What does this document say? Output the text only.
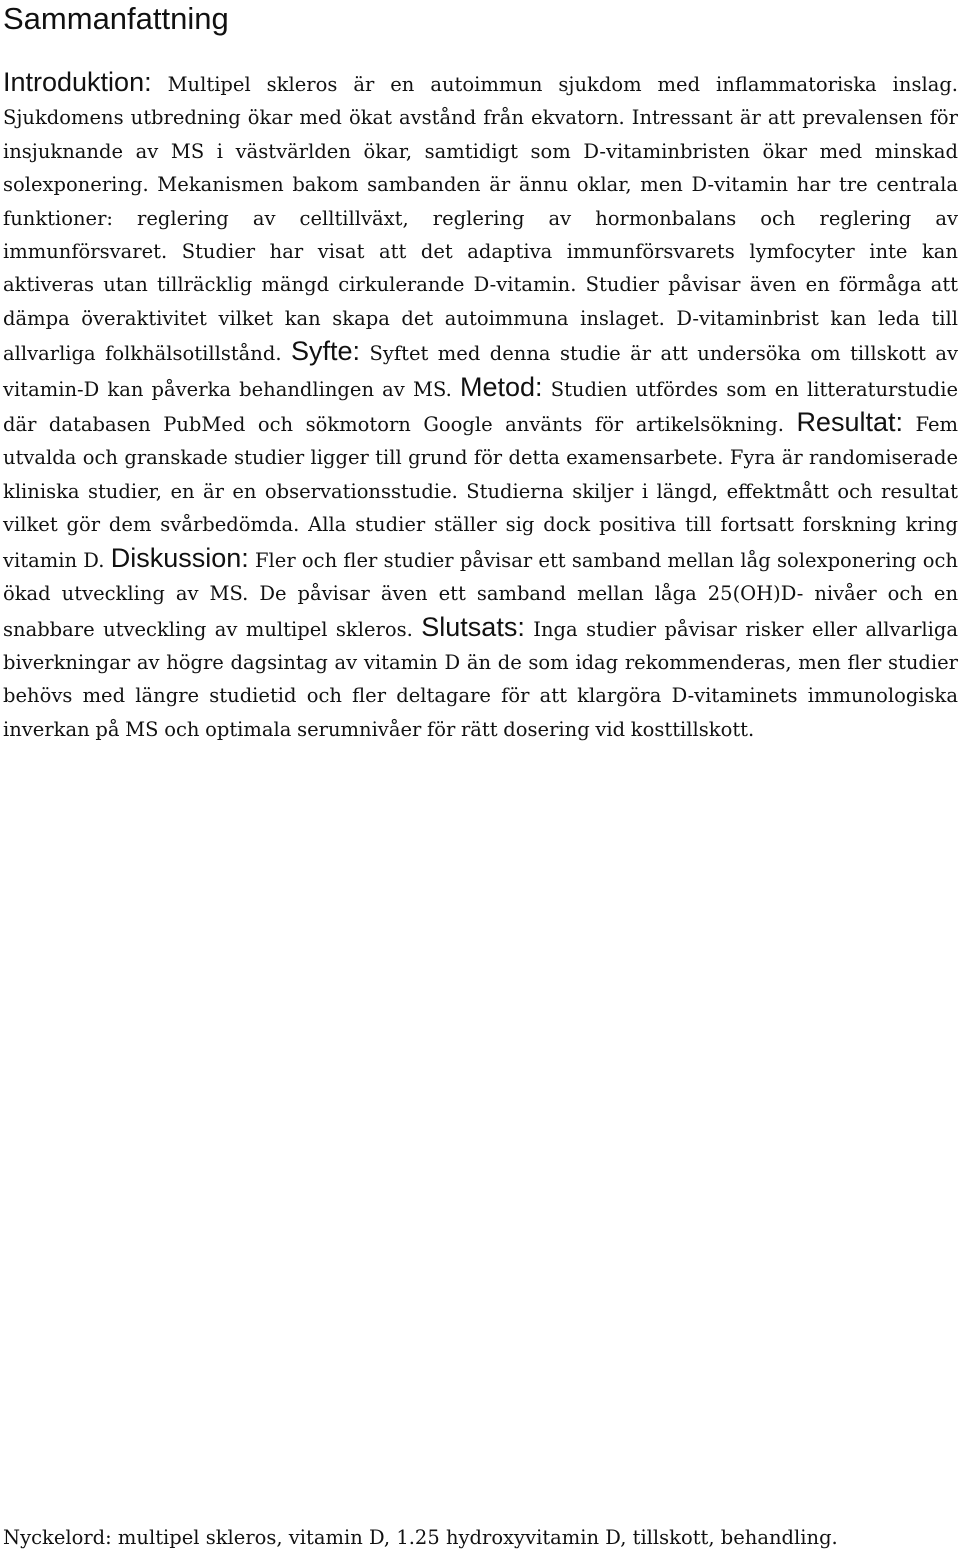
Sammanfattning

Introduktion: Multipel skleros är en autoimmun sjukdom med inflammatoriska inslag. Sjukdomens utbredning ökar med ökat avstånd från ekvatorn. Intressant är att prevalensen för insjuknande av MS i västvärlden ökar, samtidigt som D-vitaminbristen ökar med minskad solexponering. Mekanismen bakom sambanden är ännu oklar, men D-vitamin har tre centrala funktioner: reglering av celltillväxt, reglering av hormonbalans och reglering av immunförsvaret. Studier har visat att det adaptiva immunförsvarets lymfocyter inte kan aktiveras utan tillräcklig mängd cirkulerande D-vitamin. Studier påvisar även en förmåga att dämpa överaktivitet vilket kan skapa det autoimmuna inslaget. D-vitaminbrist kan leda till allvarliga folkhälsotillstånd. Syfte: Syftet med denna studie är att undersöka om tillskott av vitamin-D kan påverka behandlingen av MS. Metod: Studien utfördes som en litteraturstudie där databasen PubMed och sökmotorn Google använts för artikelsökning. Resultat: Fem utvalda och granskade studier ligger till grund för detta examensarbete. Fyra är randomiserade kliniska studier, en är en observationsstudie. Studierna skiljer i längd, effektmått och resultat vilket gör dem svårbedömda. Alla studier ställer sig dock positiva till fortsatt forskning kring vitamin D. Diskussion: Fler och fler studier påvisar ett samband mellan låg solexponering och ökad utveckling av MS. De påvisar även ett samband mellan låga 25(OH)D- nivåer och en snabbare utveckling av multipel skleros. Slutsats: Inga studier påvisar risker eller allvarliga biverkningar av högre dagsintag av vitamin D än de som idag rekommenderas, men fler studier behövs med längre studietid och fler deltagare för att klargöra D-vitaminets immunologiska inverkan på MS och optimala serumnivåer för rätt dosering vid kosttillskott.

Nyckelord: multipel skleros, vitamin D, 1.25 hydroxyvitamin D, tillskott, behandling.
